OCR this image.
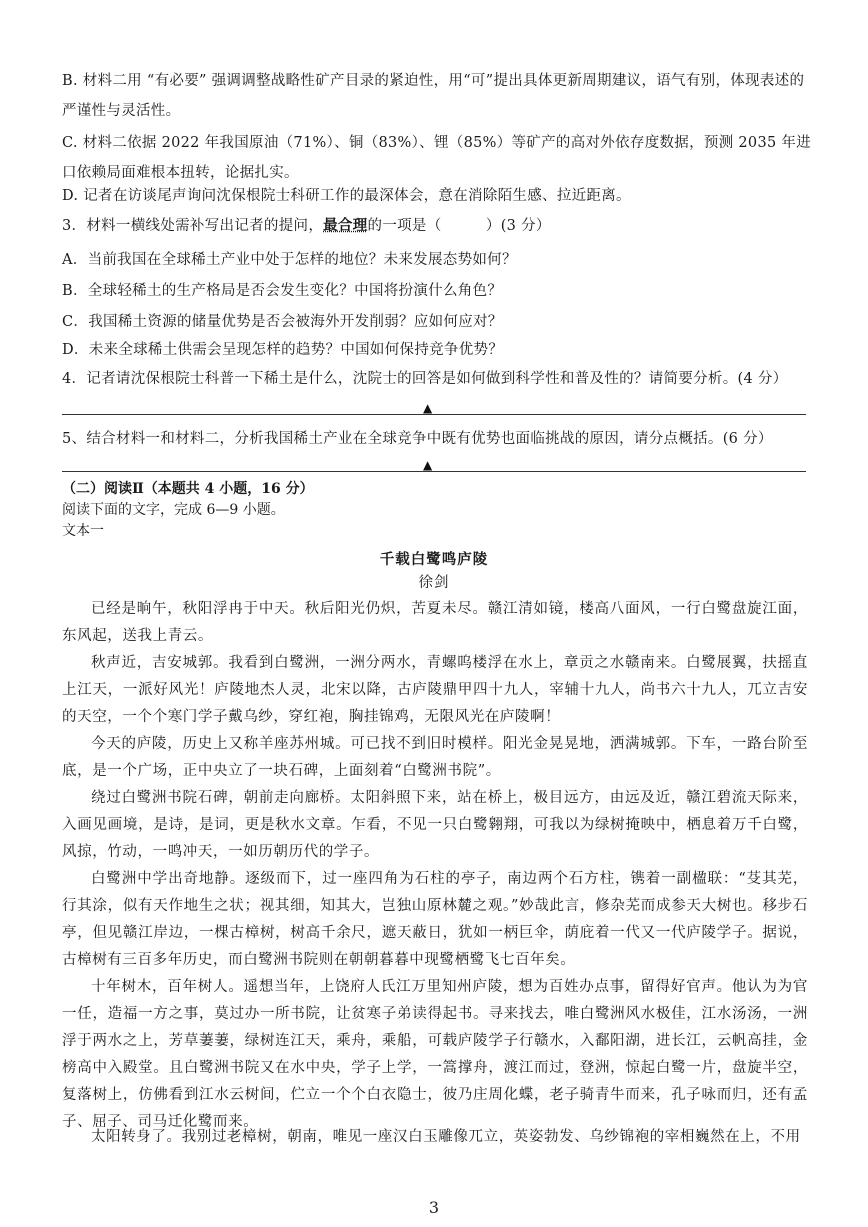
B. 材料二用 “有必要” 强调调整战略性矿产目录的紧迫性，用“可”提出具体更新周期建议，语气有别，体现表述的严谨性与灵活性。
C. 材料二依据 2022 年我国原油（71%）、铜（83%）、锂（85%）等矿产的高对外依存度数据，预测 2035 年进口依赖局面难根本扭转，论据扎实。
D. 记者在访谈尾声询问沈保根院士科研工作的最深体会，意在消除陌生感、拉近距离。
3．材料一横线处需补写出记者的提问，最合理的一项是（　　　）(3 分）
A．当前我国在全球稀土产业中处于怎样的地位？未来发展态势如何？
B．全球轻稀土的生产格局是否会发生变化？中国将扮演什么角色？
C．我国稀土资源的储量优势是否会被海外开发削弱？应如何应对？
D．未来全球稀土供需会呈现怎样的趋势？中国如何保持竞争优势？
4．记者请沈保根院士科普一下稀土是什么，沈院士的回答是如何做到科学性和普及性的？请简要分析。(4 分）
▲
5、结合材料一和材料二，分析我国稀土产业在全球竞争中既有优势也面临挑战的原因，请分点概括。(6 分）
▲
（二）阅读Ⅱ（本题共 4 小题，16 分）
阅读下面的文字，完成 6—9 小题。
文本一
千载白鹭鸣庐陵
徐剑
已经是晌午，秋阳浮冉于中天。秋后阳光仍炽，苦夏未尽。赣江清如镜，楼高八面风，一行白鹭盘旋江面，东风起，送我上青云。
秋声近，吉安城郭。我看到白鹭洲，一洲分两水，青螺呜楼浮在水上，章贡之水赣南来。白鹭展翼，扶摇直上江天，一派好风光！庐陵地杰人灵，北宋以降，古庐陵鼎甲四十九人，宰辅十九人，尚书六十九人，兀立吉安的天空，一个个寒门学子戴乌纱，穿红袍，胸挂锦鸡，无限风光在庐陵啊！
今天的庐陵，历史上又称羊座苏州城。可已找不到旧时模样。阳光金晃晃地，洒满城郭。下车，一路台阶至底，是一个广场，正中央立了一块石碑，上面刻着“白鹭洲书院”。
绕过白鹭洲书院石碑，朝前走向廊桥。太阳斜照下来，站在桥上，极目远方，由远及近，赣江碧流天际来，入画见画境，是诗，是词，更是秋水文章。乍看，不见一只白鹭翱翔，可我以为绿树掩映中，栖息着万千白鹭，风掠，竹动，一鸣冲天，一如历朝历代的学子。
白鹭洲中学出奇地静。逐级而下，过一座四角为石柱的亭子，南边两个石方柱，镌着一副楹联：“芟其芜，行其涂，似有天作地生之状；视其细，知其大，岂独山原林麓之观。”妙哉此言，修杂芜而成参天大树也。移步石亭，但见赣江岸边，一棵古樟树，树高千余尺，遮天蔽日，犹如一柄巨伞，荫庇着一代又一代庐陵学子。据说，古樟树有三百多年历史，而白鹭洲书院则在朝朝暮暮中现鹭栖鹭飞七百年矣。
十年树木，百年树人。遥想当年，上饶府人氏江万里知州庐陵，想为百姓办点事，留得好官声。他认为为官一任，造福一方之事，莫过办一所书院，让贫寒子弟读得起书。寻来找去，唯白鹭洲风水极佳，江水汤汤，一洲浮于两水之上，芳草萋萋，绿树连江天，乘舟，乘船，可载庐陵学子行赣水，入鄱阳湖，进长江，云帆高挂，金榜高中入殿堂。且白鹭洲书院又在水中央，学子上学，一篙撑舟，渡江而过，登洲，惊起白鹭一片，盘旋半空，复落树上，仿佛看到江水云树间，伫立一个个白衣隐士，彼乃庄周化蝶，老子骑青牛而来，孔子咏而归，还有孟子、屈子、司马迁化鹭而来。
太阳转身了。我别过老樟树，朝南，唯见一座汉白玉雕像兀立，英姿勃发、乌纱锦袍的宰相巍然在上，不用
3
